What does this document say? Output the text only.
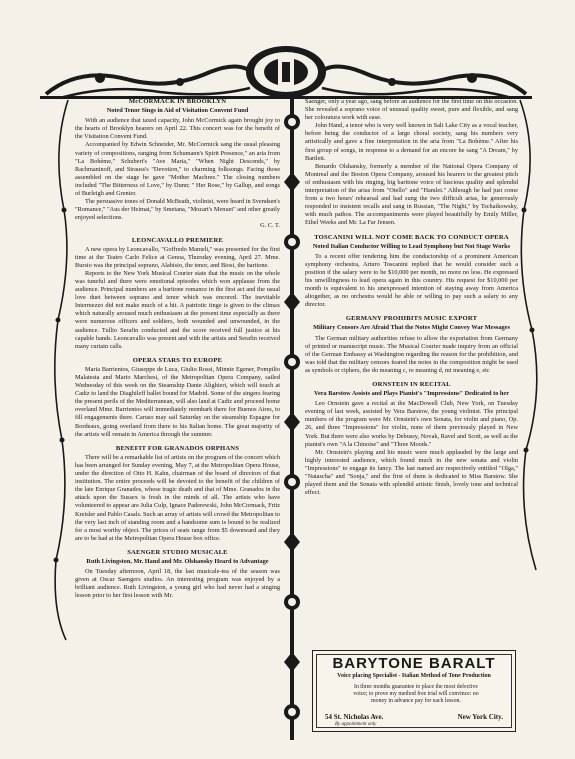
McCORMACK IN BROOKLYN
Noted Tenor Sings in Aid of Visitation Convent Fund

With an audience that taxed capacity, John McCormick again brought joy to the hearts of Brooklyn hearers on April 22. This concert was for the benefit of the Visitation Convent Fund.

Accompanied by Edwin Schneider, Mr. McCormick sang the usual pleasing variety of compositions, ranging from Schumann's Spirit Presence," an aria from "La Bohème," Schubert's "Ave Maria," "When Night Descends," by Rachmaninoff, and Strauss's "Devotion," to charming folksongs. Facing those assembled on the stage he gave "Mother Machree." The closing numbers included "The Bitterness of Love," by Dunn; " Her Rose," by Gallup, and songs of Burleigh and Grenier.

The persuasive tones of Donald McBeath, violinist, were heard in Svendsen's "Romance," "Aus der Heimat," by Smetana, "Mozart's Menuet" and other greatly enjoyed selections.

G. C. T.
LEONCAVALLO PREMIERE

A new opera by Leoncavallo, "Goffredo Mameli," was presented for the first time at the Teatro Carlo Felice at Genoa, Thursday evening, April 27. Mme. Bursio was the principal soprano, Alabisio, the tenor, and Biosi, the baritone.

Reports to the New York Musical Courier state that the music on the whole was tuneful and there were emotional episodes which won applause from the audience. Principal numbers are a baritone romance in the first act and the usual love duet between soprano and tenor which was encored. The inevitable Intermezzo did not make much of a hit. A patriotic tinge is given to the climax which naturally aroused much enthusiasm at the present time especially as there were numerous officers and soldiers, both wounded and unwounded, in the audience. Tullio Serafin conducted and the score received full justice at his capable hands. Leoncavallo was present and with the artists and Serafin received many curtain calls.

OPERA STARS TO EUROPE

Maria Barrientos, Giuseppe de Luca, Giulio Rossi, Minnie Egener, Pompilio Malatesta and Mario Marchesi, of the Metropolitan Opera Company, sailed Wednesday of this week on the Steamship Dante Alighieri, which will touch at Cadiz to land the Diaghileff ballet bound for Madrid. Some of the singers fearing the present perils of the Mediterranean, will also land at Cadiz and proceed home overland Mme. Barrientos will immediately reembark there for Buenos Aires, to fill engagements there. Caruso may sail Saturday on the steamship Espagne for Bordeaux, going overland from there to his Italian home. The great majority of the artists will remain in America through the summer.

BENEFIT FOR GRANADOS ORPHANS

There will be a remarkable list of artists on the program of the concert which has been arranged for Sunday evening, May 7, at the Metropolitan Opera House, under the direction of Otto H. Kahn, chairman of the board of directors of that institution. The entire proceeds will be devoted to the benefit of the children of the late Enrique Granados, whose tragic death and that of Mme. Granados in the attack upon the Sussex is fresh in the minds of all. The artists who have volunteered to appear are Julia Culp, Ignace Paderewski, John McCormack, Fritz Kreisler and Pablo Casals. Such an array of artists will crowd the Metropolitan to the very last inch of standing room and a handsome sum is bound to be realized for a most worthy object. The prices of seats range from $5 downward and they are to be had at the Metropolitan Opera House box office.

SAENGER STUDIO MUSICALE
Ruth Livingston, Mr. Hand and Mr. Olshansky Heard to Advantage

On Tuesday afternoon, April 18, the last musicale-tea of the season was given at Oscar Saengers studios. An interesting program was enjoyed by a brilliant audience. Ruth Livingston, a young girl who had never had a singing lesson prior to her first lesson with Mr.

Saenger, only a year ago, sang before an audience for the first time on this occasion. She revealed a soprano voice of unusual quality sweet, pure and flexible, and sang her coloratura work with ease.

John Hand, a tenor who is very well known in Salt Lake City as a vocal teacher, before being the conductor of a large choral society, sang his numbers very artistically and gave a fine interpretation in the aria from "La Bohème." After his first group of songs, in response to a demand for an encore he sang "A Dream," by Bartlett.

Benardo Olshansky, formerly a member of the National Opera Company of Montreal and the Boston Opera Company, aroused his hearers to the greatest pitch of enthusiasm with his ringing, big baritone voice of luscious quality and splendid interpretation of the arias from "Otello" and "Hamlet." Although he had just come from a two hours' rehearsal and had sung the two difficult arias, he generously responded to insistent recalls and sang in Russian, "The Night," by Tschaikowsky, with much pathos. The accompaniments were played beautifully by Emily Miller, Ethel Weeks and Mr. La Far Jensen.

TOSCANINI WILL NOT COME BACK TO CONDUCT OPERA
Noted Italian Conductor Willing to Lead Symphony but Not Stage Works

To a recent offer tendering him the conductorship of a prominent American symphony orchestra, Arturo Toscanini replied that he would consider such a position if the salary were to be $10,000 per month, no more no less. He expressed his unwillingness to lead opera again in this country. His request for $10,000 per month is equivalent to his unexpressed intention of staying away from America altogether, as no orchestra would be able or willing to pay such a salary to any director.

GERMANY PROHIBITS MUSIC EXPORT
Military Censors Are Afraid That the Notes Might Convey War Messages

The German military authorities refuse to allow the exportation from Germany of printed or manuscript music. The Musical Courier made inquiry from an official of the German Embassy at Washington regarding the reason for the prohibition, and was told that the military censors feared the notes in the composition might be used as symbols or ciphers, the do meaning c, re meaning d, mi meaning e, etc

ORNSTEIN IN RECITAL
Vera Barstow Assists and Plays Pianist's "Impressions" Dedicated to her

Leo Ornstein gave a recital at the MacDowell Club, New York, on Tuesday evening of last week, assisted by Vera Barstow, the young violinist. The principal numbers of the program were Mr. Ornstein's own Sonata, for violin and piano, Op. 26, and three "Impressions" for violin, none of them previously played in New York. But there were also works by Debussy, Novak, Ravel and Scott, as well as the pianist's own "A la Chinoise" and "Three Moods."

Mr. Ornstein's playing and his music were much applauded by the large and highly interested audience, which found much in the new sonata and violin "Impressions" to engage its fancy. The last named are respectively entitled "Olga," "Natascha" and "Sonja," and the first of them is dedicated to Miss Barstow. She played them and the Sonata with splendid artistic finish, lovely tone and technical effect.

BARYTONE BARALT
Voice placing Specialist - Italian Method of Tone Production
In three months guarantee to place the most defective voice; to prove my method free trial will convince: no money in advance pay for each lesson.
54 St. Nicholas Ave.	New York City.
By appointment only
